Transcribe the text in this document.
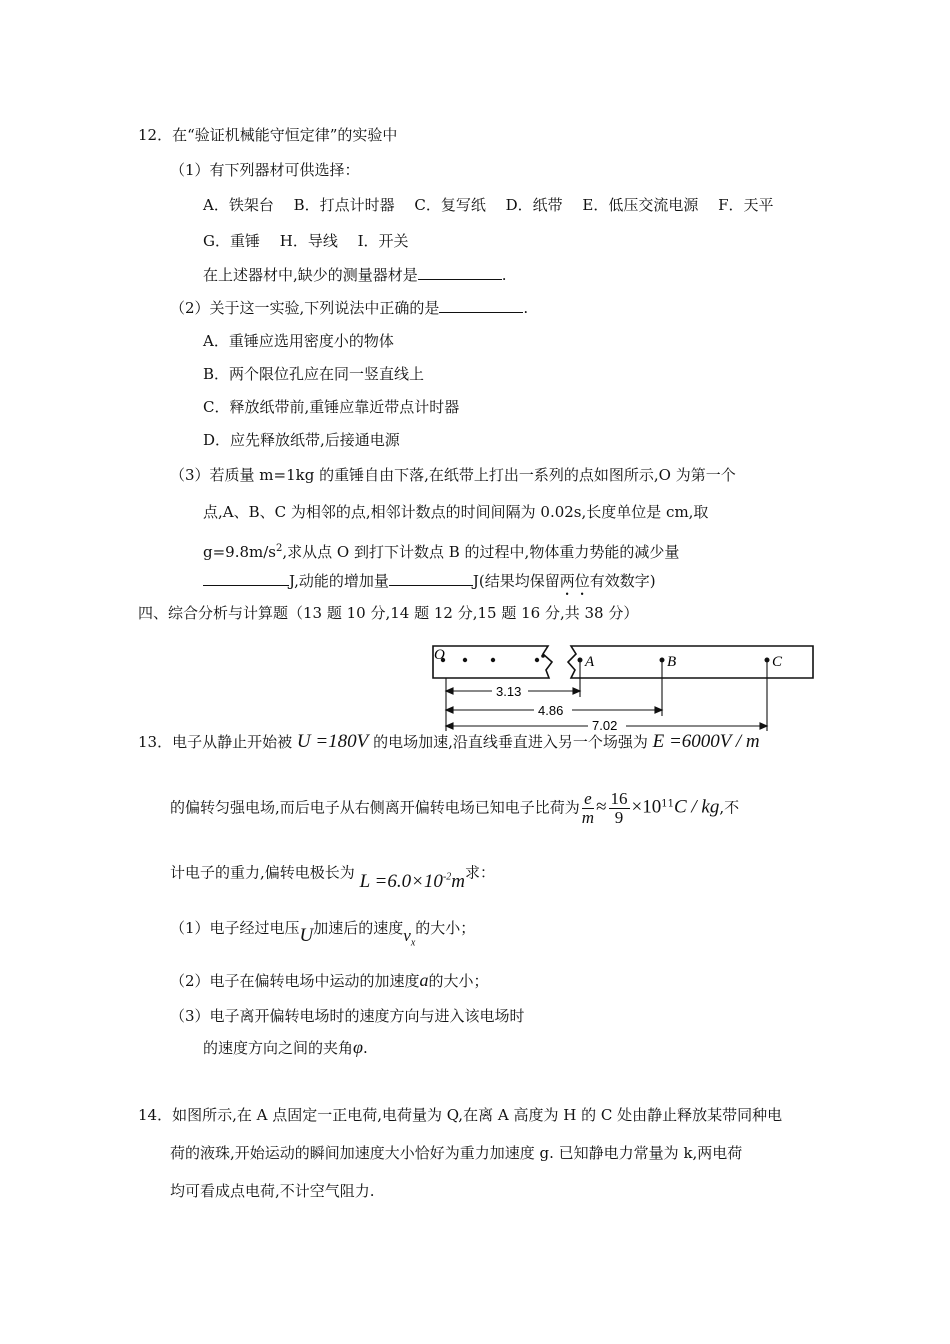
12．在“验证机械能守恒定律”的实验中
（1）有下列器材可供选择：
A．铁架台　 B．打点计时器　 C．复写纸　 D．纸带　 E．低压交流电源　 F．天平
G．重锤　 H．导线　 I．开关
在上述器材中,缺少的测量器材是	.
（2）关于这一实验,下列说法中正确的是	.
A．重锤应选用密度小的物体
B．两个限位孔应在同一竖直线上
C．释放纸带前,重锤应靠近带点计时器
D．应先释放纸带,后接通电源
（3）若质量 m=1kg 的重锤自由下落,在纸带上打出一系列的点如图所示,O 为第一个
点,A、B、C 为相邻的点,相邻计数点的时间间隔为 0.02s,长度单位是 cm,取
$g=9.8m/s^2$,求从点 O 到打下计数点 B 的过程中,物体重力势能的减少量
J,动能的增加量	J(结果均保留两位有效数字)
四、综合分析与计算题（13 题 10 分,14 题 12 分,15 题 16 分,共 38 分）
O	A	B	C
3.13
4.86
7.02
13．电子从静止开始被 U =180V 的电场加速,沿直线垂直进入另一个场强为 E =6000V / m
的偏转匀强电场,而后电子从右侧离开偏转电场已知电子比荷为 $\frac{e}{m} \approx \frac{16}{9} \times 10^{11}C$ / kg,不
计电子的重力,偏转电极长为 $L =6.0\times 10^{-2}m$求：
（1）电子经过电压U加速后的速度$v_x$的大小；
（2）电子在偏转电场中运动的加速度a的大小；
（3）电子离开偏转电场时的速度方向与进入该电场时
的速度方向之间的夹角φ.
14．如图所示,在 A 点固定一正电荷,电荷量为 Q,在离 A 高度为 H 的 C 处由静止释放某带同种电
荷的液珠,开始运动的瞬间加速度大小恰好为重力加速度 g. 已知静电力常量为 k,两电荷
均可看成点电荷,不计空气阻力.
